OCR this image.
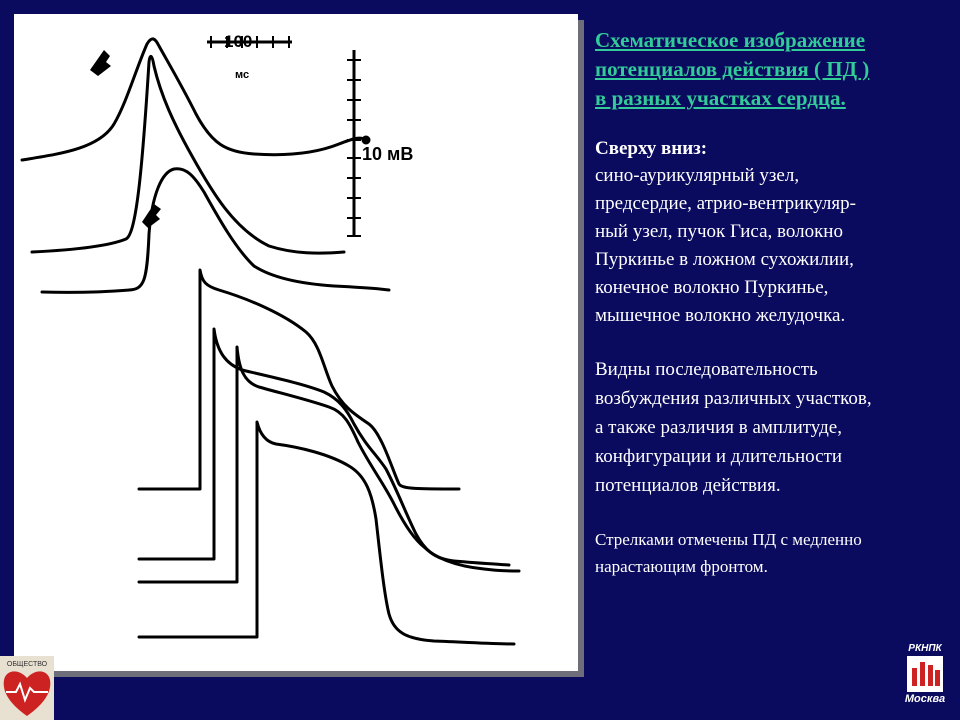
100
мс
10 мВ
Схематическое изображение
потенциалов действия ( ПД )
в разных участках сердца.
Сверху вниз:
сино-аурикулярный узел,
предсердие, атрио-вентрикуляр-
ный узел, пучок Гиса, волокно
Пуркинье в ложном сухожилии,
конечное волокно Пуркинье,
мышечное волокно желудочка.
Видны последовательность
возбуждения различных участков,
а также различия в амплитуде,
конфигурации и длительности
потенциалов действия.
Стрелками отмечены ПД с медленно
нарастающим фронтом.
ОБЩЕСТВО
РКНПК
Москва
